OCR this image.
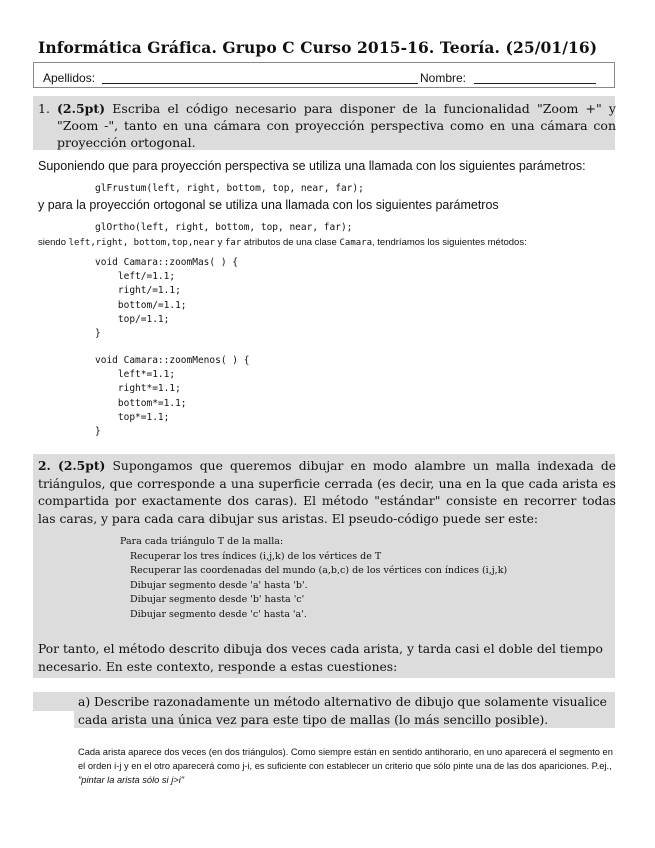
Informática Gráfica. Grupo C Curso 2015-16. Teoría. (25/01/16)
Apellidos:	Nombre:
1. (2.5pt) Escriba el código necesario para disponer de la funcionalidad "Zoom +" y "Zoom -", tanto en una cámara con proyección perspectiva como en una cámara con proyección ortogonal.
Suponiendo que para proyección perspectiva se utiliza una llamada con los siguientes parámetros:
glFrustum(left, right, bottom, top, near, far);
y para la proyección ortogonal se utiliza una llamada con los siguientes parámetros
glOrtho(left, right, bottom, top, near, far);
siendo left,right, bottom,top,near y far atributos de una clase Camara, tendríamos los siguientes métodos:
void Camara::zoomMas( ) {
left/=1.1;
right/=1.1;
bottom/=1.1;
top/=1.1;
}
void Camara::zoomMenos( ) {
left*=1.1;
right*=1.1;
bottom*=1.1;
top*=1.1;
}
2. (2.5pt) Supongamos que queremos dibujar en modo alambre un malla indexada de triángulos, que corresponde a una superficie cerrada (es decir, una en la que cada arista es compartida por exactamente dos caras). El método "estándar" consiste en recorrer todas las caras, y para cada cara dibujar sus aristas. El pseudo-código puede ser este:
Para cada triángulo T de la malla:
Recuperar los tres índices (i,j,k) de los vértices de T
Recuperar las coordenadas del mundo (a,b,c) de los vértices con índices (i,j,k)
Dibujar segmento desde 'a' hasta 'b'.
Dibujar segmento desde 'b' hasta 'c'
Dibujar segmento desde 'c' hasta 'a'.
Por tanto, el método descrito dibuja dos veces cada arista, y tarda casi el doble del tiempo necesario. En este contexto, responde a estas cuestiones:
a) Describe razonadamente un método alternativo de dibujo que solamente visualice cada arista una única vez para este tipo de mallas (lo más sencillo posible).
Cada arista aparece dos veces (en dos triángulos). Como siempre están en sentido antihorario, en uno aparecerá el segmento en el orden i-j y en el otro aparecerá como j-i, es suficiente con establecer un criterio que sólo pinte una de las dos apariciones. P.ej., "pintar la arista sólo si j>i"
